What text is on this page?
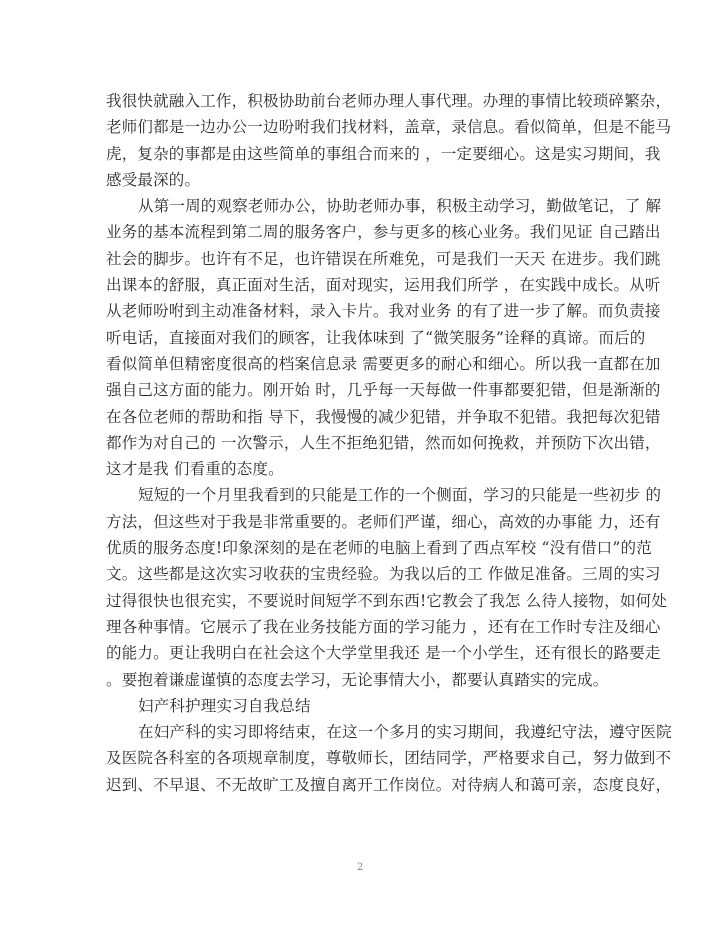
我很快就融入工作，积极协助前台老师办理人事代理。办理的事情比较琐碎繁杂，
老师们都是一边办公一边吩咐我们找材料，盖章，录信息。看似简单，但是不能马
虎，复杂的事都是由这些简单的事组合而来的 ，一定要细心。这是实习期间，我
感受最深的。
从第一周的观察老师办公，协助老师办事，积极主动学习，勤做笔记，了 解
业务的基本流程到第二周的服务客户，参与更多的核心业务。我们见证 自己踏出
社会的脚步。也许有不足，也许错误在所难免，可是我们一天天 在进步。我们跳
出课本的舒服，真正面对生活，面对现实，运用我们所学 ，在实践中成长。从听
从老师吩咐到主动准备材料，录入卡片。我对业务 的有了进一步了解。而负责接
听电话，直接面对我们的顾客，让我体味到 了“微笑服务”诠释的真谛。而后的
看似简单但精密度很高的档案信息录 需要更多的耐心和细心。所以我一直都在加
强自己这方面的能力。刚开始 时，几乎每一天每做一件事都要犯错，但是渐渐的
在各位老师的帮助和指 导下，我慢慢的减少犯错，并争取不犯错。我把每次犯错
都作为对自己的 一次警示，人生不拒绝犯错，然而如何挽救，并预防下次出错，
这才是我 们看重的态度。
短短的一个月里我看到的只能是工作的一个侧面，学习的只能是一些初步 的
方法，但这些对于我是非常重要的。老师们严谨，细心，高效的办事能 力，还有
优质的服务态度!印象深刻的是在老师的电脑上看到了西点军校 “没有借口”的范
文。这些都是这次实习收获的宝贵经验。为我以后的工 作做足准备。三周的实习
过得很快也很充实，不要说时间短学不到东西!它教会了我怎 么待人接物，如何处
理各种事情。它展示了我在业务技能方面的学习能力 ，还有在工作时专注及细心
的能力。更让我明白在社会这个大学堂里我还 是一个小学生，还有很长的路要走
。要抱着谦虚谨慎的态度去学习，无论事情大小，都要认真踏实的完成。
妇产科护理实习自我总结
在妇产科的实习即将结束，在这一个多月的实习期间，我遵纪守法，遵守医院
及医院各科室的各项规章制度，尊敬师长，团结同学，严格要求自己，努力做到不
迟到、不早退、不无故旷工及擅自离开工作岗位。对待病人和蔼可亲，态度良好，
2
